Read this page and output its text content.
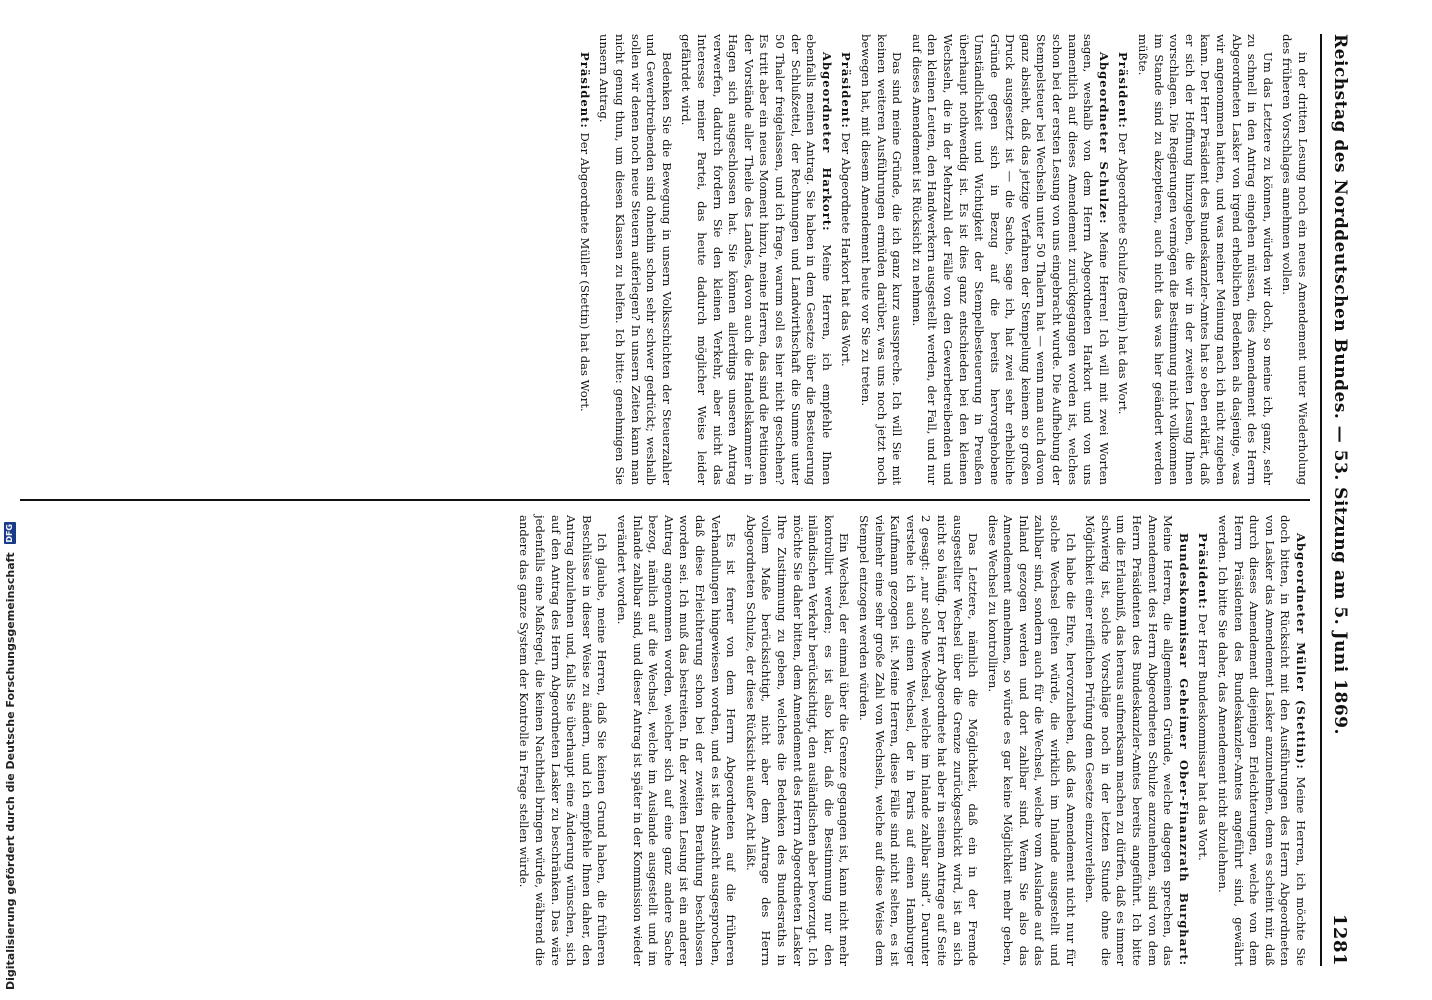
Reichstag des Norddeutschen Bundes. — 53. Sitzung am 5. Juni 1869.
1281

in der dritten Lesung noch ein neues Amendement unter Wiederholung des früheren Vorschlages annehmen wollen.

Um das Letztere zu können, würden wir doch, so meine ich, ganz, sehr zu schnell in den Antrag eingehen müssen, dies Amendement des Herrn Abgeordneten Lasker von irgend erheblichen Bedenken als dasjenige, was wir angenommen hatten, und was meiner Meinung nach ich nicht zugeben kann. Der Herr Präsident des Bundeskanzler-Amtes hat so eben erklärt, daß er sich der Hoffnung hinzugeben, die wir in der zweiten Lesung Ihnen vorschlagen. Die Regierungen vermögen die Bestimmung nicht vollkommen im Stande sind zu akzeptieren, auch nicht das was hier geändert werden müßte.

Präsident: Der Abgeordnete Schulze (Berlin) hat das Wort.

Abgeordneter Schulze: Meine Herren! Ich will mit zwei Worten sagen, weshalb von dem Herrn Abgeordneten Harkort und von uns namentlich auf dieses Amendement zurückgegangen worden ist, welches schon bei der ersten Lesung von uns eingebracht wurde. Die Aufhebung der Stempelsteuer bei Wechseln unter 50 Thalern hat — wenn man auch davon ganz absieht, daß das jetzige Verfahren der Stempelung keinem so großen Druck ausgesetzt ist — die Sache, sage ich, hat zwei sehr erhebliche Gründe gegen sich in Bezug auf die bereits hervorgehobene Umständlichkeit und Wichtigkeit der Stempelbesteuerung in Preußen überhaupt nothwendig ist. Es ist dies ganz entschieden bei den kleinen Wechseln, die in der Mehrzahl der Fälle von den Gewerbetreibenden und den kleinen Leuten, den Handwerkern ausgestellt werden, der Fall, und nur auf dieses Amendement ist Rücksicht zu nehmen.

Das sind meine Gründe, die ich ganz kurz ausspreche. Ich will Sie mit keinen weiteren Ausführungen ermüden darüber, was uns noch jetzt noch bewegen hat, mit diesem Amendement heute vor Sie zu treten.

Präsident: Der Abgeordnete Harkort hat das Wort.

Abgeordneter Harkort: Meine Herren, ich empfehle Ihnen ebenfalls meinen Antrag. Sie haben in dem Gesetze über die Besteuerung der Schlußzettel, der Rechnungen und Landwirthschaft die Summe unter 50 Thaler freigelassen, und ich frage, warum soll es hier nicht geschehen? Es tritt aber ein neues Moment hinzu, meine Herren, das sind die Petitionen der Vorstände aller Theile des Landes, davon auch die Handelskammer in Hagen sich ausgeschlossen hat. Sie können allerdings unseren Antrag verwerfen, dadurch fordern Sie den kleinen Verkehr, aber nicht das Interesse meiner Partei, das heute dadurch möglicher Weise leider gefährdet wird.

Bedenken Sie die Bewegung in unsern Volksschichten der Steuerzahler und Gewerbtreibenden sind ohnehin schon sehr schwer gedrückt; weshalb sollen wir denen noch neue Steuern auferlegen? In unsern Zeiten kann man nicht genug thun, um diesen Klassen zu helfen. Ich bitte: genehmigen Sie unsern Antrag.

Präsident: Der Abgeordnete Müller (Stettin) hat das Wort.

Abgeordneter Müller (Stettin): Meine Herren, ich möchte Sie doch bitten, in Rücksicht mit den Ausführungen des Herrn Abgeordneten von Lasker das Amendement Lasker anzunehmen, denn es scheint mir, daß durch dieses Amendement diejenigen Erleichterungen, welche von dem Herrn Präsidenten des Bundeskanzler-Amtes angeführt sind, gewährt werden. Ich bitte Sie daher, das Amendement nicht abzulehnen.

Präsident: Der Herr Bundeskommissar hat das Wort.

Bundeskommissar Geheimer Ober-Finanzrath Burghart: Meine Herren, die allgemeinen Gründe, welche dagegen sprechen, das Amendement des Herrn Abgeordneten Schulze anzunehmen, sind von dem Herrn Präsidenten des Bundeskanzler-Amtes bereits angeführt. Ich bitte um die Erlaubniß, das heraus aufmerksam machen zu dürfen, daß es immer schwierig ist, solche Vorschläge noch in der letzten Stunde ohne die Möglichkeit einer reiflichen Prüfung dem Gesetze einzuverleiben.

Ich habe die Ehre, hervorzuheben, daß das Amendement nicht nur für solche Wechsel gelten würde, die wirklich im Inlande ausgestellt und zahlbar sind, sondern auch für die Wechsel, welche vom Auslande auf das Inland gezogen werden und dort zahlbar sind. Wenn Sie also das Amendement annehmen, so würde es gar keine Möglichkeit mehr geben, diese Wechsel zu kontrolliren.

Das Letztere, nämlich die Möglichkeit, daß ein in der Fremde ausgestellter Wechsel über die Grenze zurückgeschickt wird, ist an sich nicht so häufig. Der Herr Abgeordnete hat aber in seinem Antrage auf Seite 2 gesagt: „nur solche Wechsel, welche im Inlande zahlbar sind“. Darunter verstehe ich auch einen Wechsel, der in Paris auf einen Hamburger Kaufmann gezogen ist. Meine Herren, diese Fälle sind nicht selten, es ist vielmehr eine sehr große Zahl von Wechseln, welche auf diese Weise dem Stempel entzogen werden würden.

Ein Wechsel, der einmal über die Grenze gegangen ist, kann nicht mehr kontrollirt werden; es ist also klar, daß die Bestimmung nur den inländischen Verkehr berücksichtigt, den ausländischen aber bevorzugt. Ich möchte Sie daher bitten, dem Amendement des Herrn Abgeordneten Lasker Ihre Zustimmung zu geben, welches die Bedenken des Bundesraths in vollem Maße berücksichtigt, nicht aber dem Antrage des Herrn Abgeordneten Schulze, der diese Rücksicht außer Acht läßt.

Es ist ferner von dem Herrn Abgeordneten auf die früheren Verhandlungen hingewiesen worden, und es ist die Ansicht ausgesprochen, daß diese Erleichterung schon bei der zweiten Berathung beschlossen worden sei. Ich muß das bestreiten. In der zweiten Lesung ist ein anderer Antrag angenommen worden, welcher sich auf eine ganz andere Sache bezog, nämlich auf die Wechsel, welche im Auslande ausgestellt und im Inlande zahlbar sind, und dieser Antrag ist später in der Kommission wieder verändert worden.

Ich glaube, meine Herren, daß Sie keinen Grund haben, die früheren Beschlüsse in dieser Weise zu ändern, und ich empfehle Ihnen daher, den Antrag abzulehnen und, falls Sie überhaupt eine Änderung wünschen, sich auf den Antrag des Herrn Abgeordneten Lasker zu beschränken. Das wäre jedenfalls eine Maßregel, die keinen Nachtheil bringen würde, während die andere das ganze System der Kontrolle in Frage stellen würde.

Digitalisierung gefördert durch die Deutsche Forschungsgemeinschaft
DFG
